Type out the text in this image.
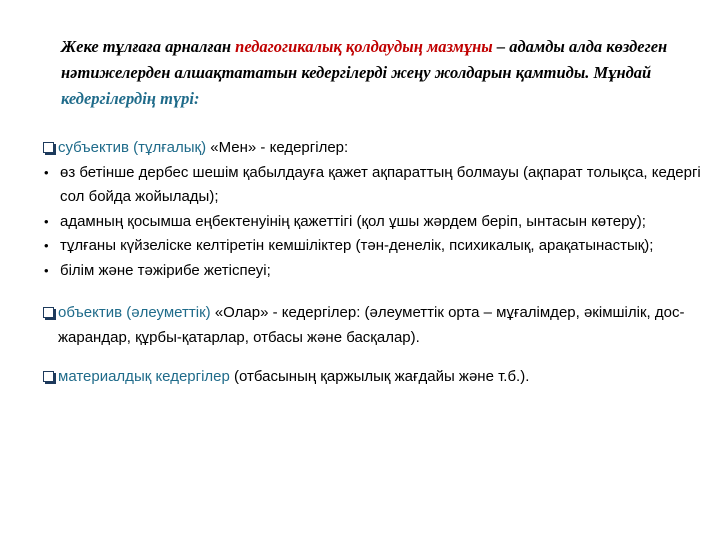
Жеке тұлғаға арналған педагогикалық қолдаудың мазмұны – адамды алда көздеген нәтижелерден алшақтататын кедергілерді жеңу жолдарын қамтиды. Мұндай кедергілердің түрі:
субъектив (тұлғалық) «Мен» - кедергілер:
• өз бетінше дербес шешім қабылдауға қажет ақпараттың болмауы (ақпарат толықса, кедергі сол бойда жойылады);
• адамның қосымша еңбектенуінің қажеттігі (қол ұшы жәрдем беріп, ынтасын көтеру);
• тұлғаны күйзеліске келтіретін кемшіліктер (тән-денелік, психикалық, арақатынастық);
• білім және тәжірибе жетіспеуі;
объектив (әлеуметтік) «Олар» - кедергілер: (әлеуметтік орта – мұғалімдер, әкімшілік, дос-жарандар, құрбы-қатарлар, отбасы және басқалар).
материалдық кедергілер (отбасының қаржылық жағдайы және т.б.).
